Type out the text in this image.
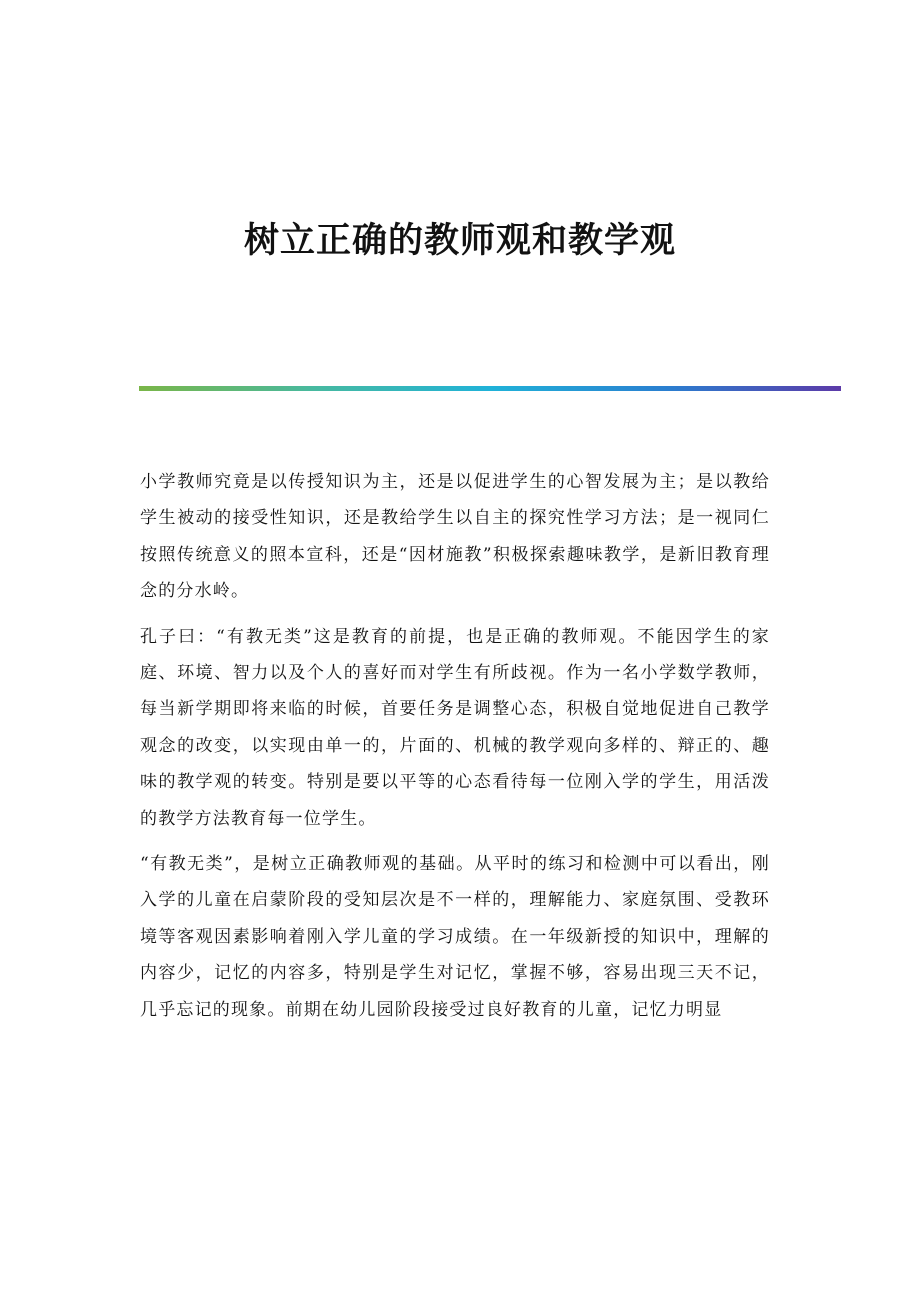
树立正确的教师观和教学观

小学教师究竟是以传授知识为主，还是以促进学生的心智发展为主；是以教给学生被动的接受性知识，还是教给学生以自主的探究性学习方法；是一视同仁按照传统意义的照本宣科，还是“因材施教”积极探索趣味教学，是新旧教育理念的分水岭。

孔子曰：“有教无类”这是教育的前提，也是正确的教师观。不能因学生的家庭、环境、智力以及个人的喜好而对学生有所歧视。作为一名小学数学教师，每当新学期即将来临的时候，首要任务是调整心态，积极自觉地促进自己教学观念的改变，以实现由单一的，片面的、机械的教学观向多样的、辩正的、趣味的教学观的转变。特别是要以平等的心态看待每一位刚入学的学生，用活泼的教学方法教育每一位学生。

“有教无类”，是树立正确教师观的基础。从平时的练习和检测中可以看出，刚入学的儿童在启蒙阶段的受知层次是不一样的，理解能力、家庭氛围、受教环境等客观因素影响着刚入学儿童的学习成绩。在一年级新授的知识中，理解的内容少，记忆的内容多，特别是学生对记忆，掌握不够，容易出现三天不记，几乎忘记的现象。前期在幼儿园阶段接受过良好教育的儿童，记忆力明显
